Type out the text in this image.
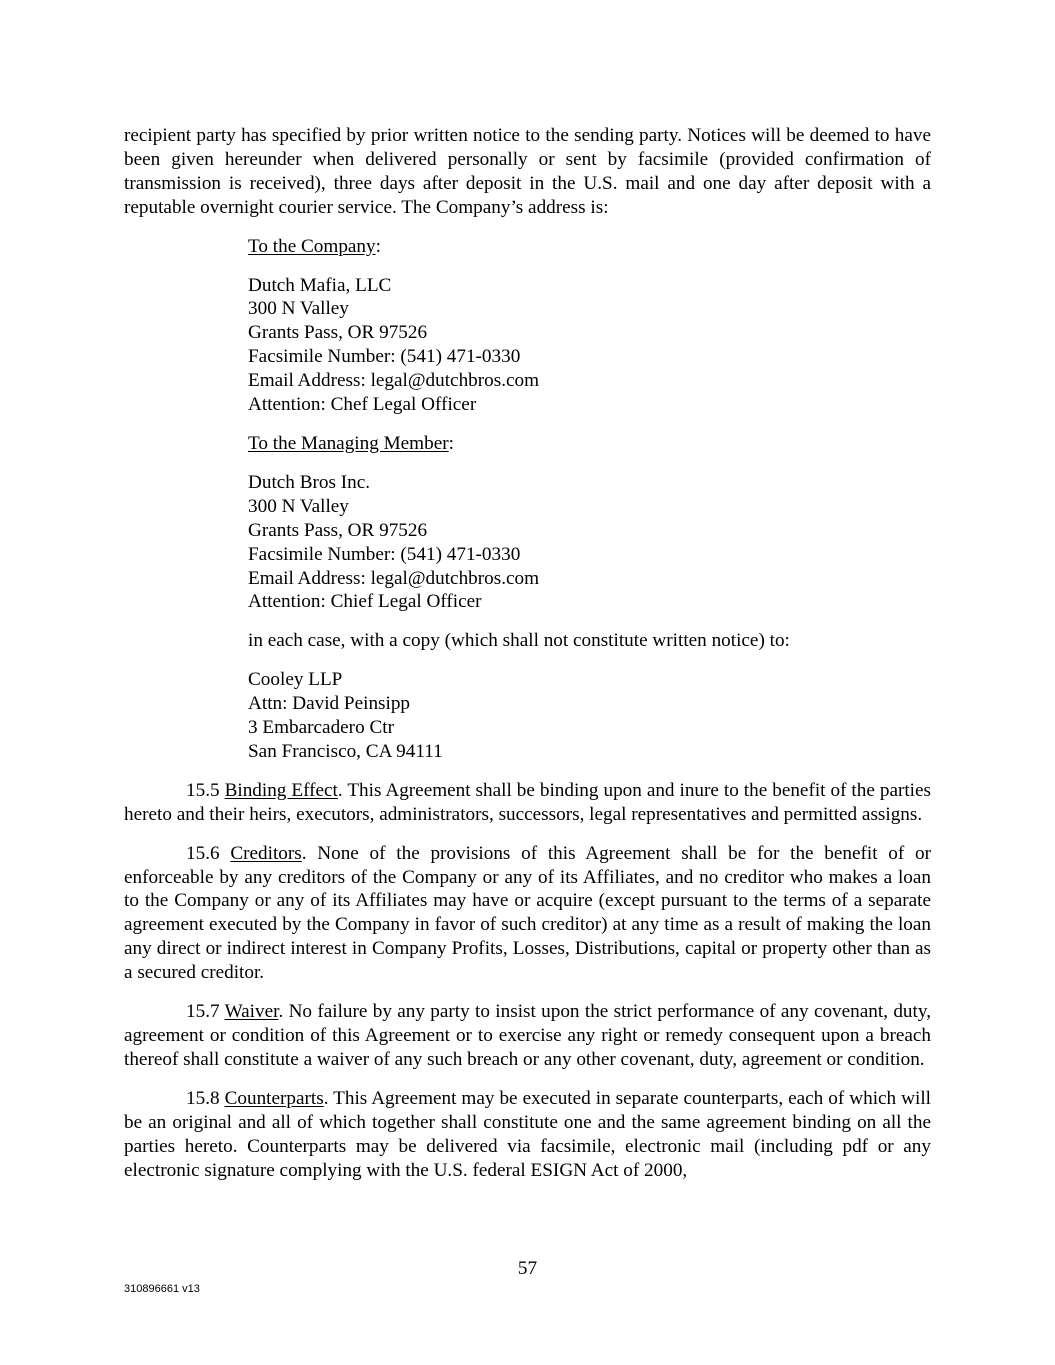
recipient party has specified by prior written notice to the sending party. Notices will be deemed to have been given hereunder when delivered personally or sent by facsimile (provided confirmation of transmission is received), three days after deposit in the U.S. mail and one day after deposit with a reputable overnight courier service. The Company’s address is:

To the Company:

Dutch Mafia, LLC
300 N Valley
Grants Pass, OR 97526
Facsimile Number: (541) 471-0330
Email Address: legal@dutchbros.com
Attention: Chef Legal Officer

To the Managing Member:

Dutch Bros Inc.
300 N Valley
Grants Pass, OR 97526
Facsimile Number: (541) 471-0330
Email Address: legal@dutchbros.com
Attention: Chief Legal Officer

in each case, with a copy (which shall not constitute written notice) to:

Cooley LLP
Attn: David Peinsipp
3 Embarcadero Ctr
San Francisco, CA 94111

15.5 Binding Effect. This Agreement shall be binding upon and inure to the benefit of the parties hereto and their heirs, executors, administrators, successors, legal representatives and permitted assigns.

15.6 Creditors. None of the provisions of this Agreement shall be for the benefit of or enforceable by any creditors of the Company or any of its Affiliates, and no creditor who makes a loan to the Company or any of its Affiliates may have or acquire (except pursuant to the terms of a separate agreement executed by the Company in favor of such creditor) at any time as a result of making the loan any direct or indirect interest in Company Profits, Losses, Distributions, capital or property other than as a secured creditor.

15.7 Waiver. No failure by any party to insist upon the strict performance of any covenant, duty, agreement or condition of this Agreement or to exercise any right or remedy consequent upon a breach thereof shall constitute a waiver of any such breach or any other covenant, duty, agreement or condition.

15.8 Counterparts. This Agreement may be executed in separate counterparts, each of which will be an original and all of which together shall constitute one and the same agreement binding on all the parties hereto. Counterparts may be delivered via facsimile, electronic mail (including pdf or any electronic signature complying with the U.S. federal ESIGN Act of 2000,

57
310896661 v13
